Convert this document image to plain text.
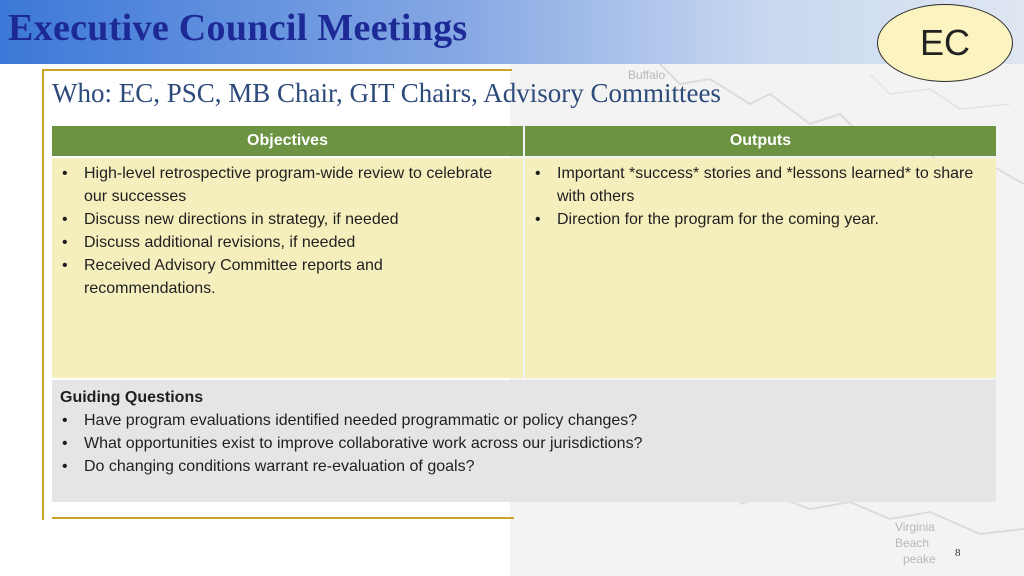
Buffalo
Virginia
Beach
peake
Executive Council Meetings	EC
Who: EC, PSC, MB Chair, GIT Chairs, Advisory Committees
Objectives	Outputs
• High-level retrospective program-wide review to celebrate our successes
• Discuss new directions in strategy, if needed
• Discuss additional revisions, if needed
• Received Advisory Committee reports and recommendations.
• Important *success* stories and *lessons learned* to share with others
• Direction for the program for the coming year.
Guiding Questions
• Have program evaluations identified needed programmatic or policy changes?
• What opportunities exist to improve collaborative work across our jurisdictions?
• Do changing conditions warrant re-evaluation of goals?
8
